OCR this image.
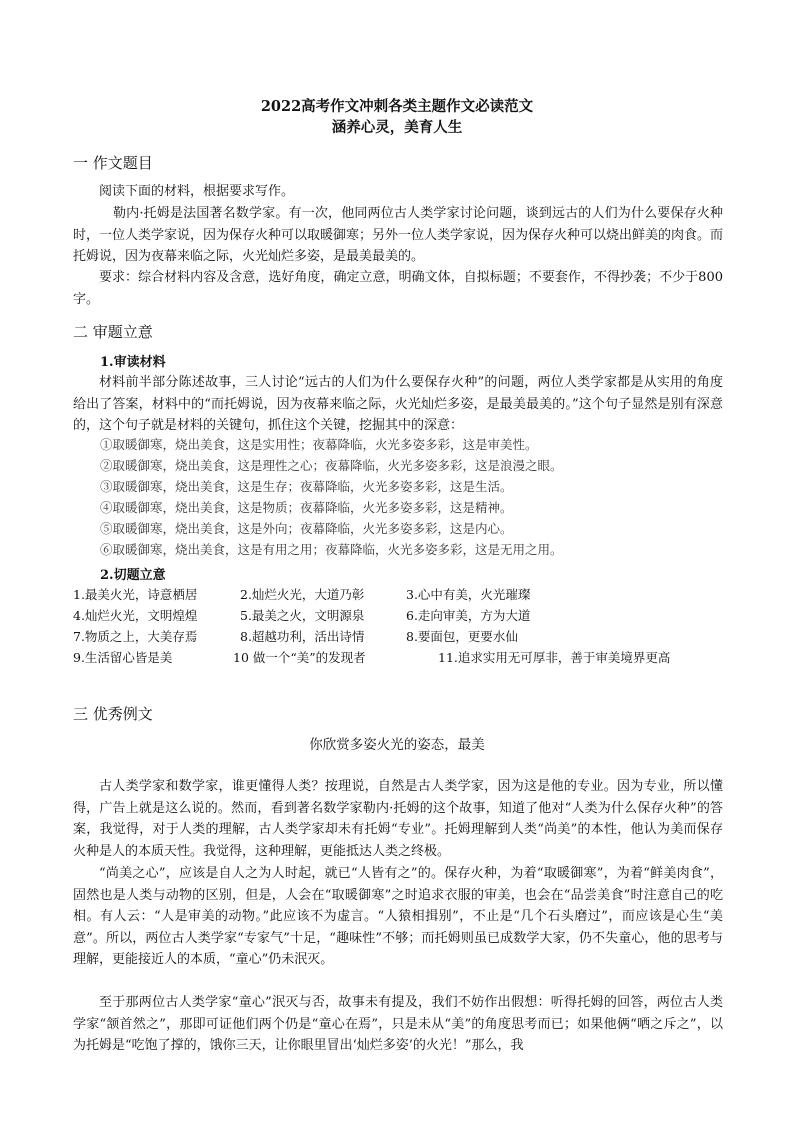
2022高考作文冲刺各类主题作文必读范文
涵养心灵，美育人生
一 作文题目

阅读下面的材料，根据要求写作。

勒内·托姆是法国著名数学家。有一次，他同两位古人类学家讨论问题，谈到远古的人们为什么要保存火种时，一位人类学家说，因为保存火种可以取暖御寒；另外一位人类学家说，因为保存火种可以烧出鲜美的肉食。而托姆说，因为夜幕来临之际，火光灿烂多姿，是最美最美的。

要求：综合材料内容及含意，选好角度，确定立意，明确文体，自拟标题；不要套作，不得抄袭；不少于800字。

二 审题立意
1.审读材料

材料前半部分陈述故事，三人讨论“远古的人们为什么要保存火种”的问题，两位人类学家都是从实用的角度给出了答案，材料中的“而托姆说，因为夜幕来临之际，火光灿烂多姿，是最美最美的。”这个句子显然是别有深意的，这个句子就是材料的关键句，抓住这个关键，挖掘其中的深意：

①取暖御寒，烧出美食，这是实用性；夜幕降临，火光多姿多彩，这是审美性。
②取暖御寒，烧出美食，这是理性之心；夜幕降临，火光多姿多彩，这是浪漫之眼。
③取暖御寒，烧出美食，这是生存；夜幕降临，火光多姿多彩，这是生活。
④取暖御寒，烧出美食，这是物质；夜幕降临，火光多姿多彩，这是精神。
⑤取暖御寒，烧出美食，这是外向；夜幕降临，火光多姿多彩，这是内心。
⑥取暖御寒，烧出美食，这是有用之用；夜幕降临，火光多姿多彩，这是无用之用。
2.切题立意
1.最美火光，诗意栖居	2.灿烂火光，大道乃彰	3.心中有美，火光璀璨
4.灿烂火光，文明煌煌	5.最美之火，文明源泉	6.走向审美，方为大道
7.物质之上，大美存焉	8.超越功利，活出诗情	8.要面包，更要水仙
9.生活留心皆是美	10 做一个“美”的发现者	11.追求实用无可厚非，善于审美境界更高
三 优秀例文
你欣赏多姿火光的姿态，最美

古人类学家和数学家，谁更懂得人类？按理说，自然是古人类学家，因为这是他的专业。因为专业，所以懂得，广告上就是这么说的。然而，看到著名数学家勒内·托姆的这个故事，知道了他对“人类为什么保存火种”的答案，我觉得，对于人类的理解，古人类学家却未有托姆“专业”。托姆理解到人类“尚美”的本性，他认为美而保存火种是人的本质天性。我觉得，这种理解，更能抵达人类之终极。

“尚美之心”，应该是自人之为人时起，就已“人皆有之”的。保存火种，为着“取暖御寒”，为着“鲜美肉食”，固然也是人类与动物的区别，但是，人会在“取暖御寒”之时追求衣服的审美，也会在“品尝美食”时注意自己的吃相。有人云：“人是审美的动物。”此应该不为虚言。“人猿相揖别”，不止是“几个石头磨过”，而应该是心生“美意”。所以，两位古人类学家“专家气”十足，“趣味性”不够；而托姆则虽已成数学大家，仍不失童心，他的思考与理解，更能接近人的本质，“童心”仍未泯灭。

至于那两位古人类学家“童心”泯灭与否，故事未有提及，我们不妨作出假想：听得托姆的回答，两位古人类学家“颔首然之”，那即可证他们两个仍是“童心在焉”，只是未从“美”的角度思考而已；如果他俩“哂之斥之”，以为托姆是“吃饱了撑的，饿你三天，让你眼里冒出‘灿烂多姿’的火光！”那么，我
